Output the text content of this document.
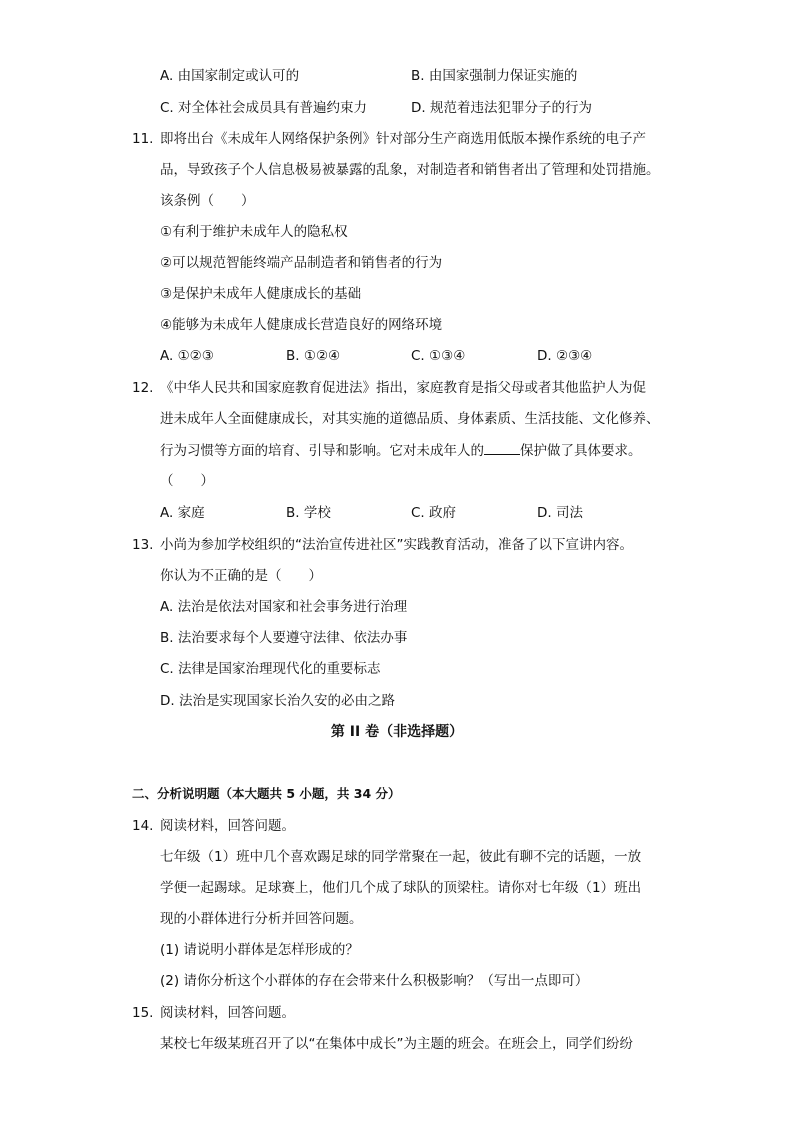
A. 由国家制定或认可的	B. 由国家强制力保证实施的
C. 对全体社会成员具有普遍约束力	D. 规范着违法犯罪分子的行为
11. 即将出台《未成年人网络保护条例》针对部分生产商选用低版本操作系统的电子产
品，导致孩子个人信息极易被暴露的乱象，对制造者和销售者出了管理和处罚措施。
该条例（　　）
①有利于维护未成年人的隐私权
②可以规范智能终端产品制造者和销售者的行为
③是保护未成年人健康成长的基础
④能够为未成年人健康成长营造良好的网络环境
A. ①②③	B. ①②④	C. ①③④	D. ②③④
12. 《中华人民共和国家庭教育促进法》指出，家庭教育是指父母或者其他监护人为促
进未成年人全面健康成长，对其实施的道德品质、身体素质、生活技能、文化修养、
行为习惯等方面的培育、引导和影响。它对未成年人的	保护做了具体要求。
（　　）
A. 家庭	B. 学校	C. 政府	D. 司法
13. 小尚为参加学校组织的“法治宣传进社区”实践教育活动，准备了以下宣讲内容。
你认为不正确的是（　　）
A. 法治是依法对国家和社会事务进行治理
B. 法治要求每个人要遵守法律、依法办事
C. 法律是国家治理现代化的重要标志
D. 法治是实现国家长治久安的必由之路
第 II 卷（非选择题）
二、分析说明题（本大题共 5 小题，共 34 分）
14. 阅读材料，回答问题。
七年级（1）班中几个喜欢踢足球的同学常聚在一起，彼此有聊不完的话题，一放
学便一起踢球。足球赛上，他们几个成了球队的顶梁柱。请你对七年级（1）班出
现的小群体进行分析并回答问题。
(1) 请说明小群体是怎样形成的？
(2) 请你分析这个小群体的存在会带来什么积极影响？（写出一点即可）
15. 阅读材料，回答问题。
某校七年级某班召开了以“在集体中成长”为主题的班会。在班会上，同学们纷纷
